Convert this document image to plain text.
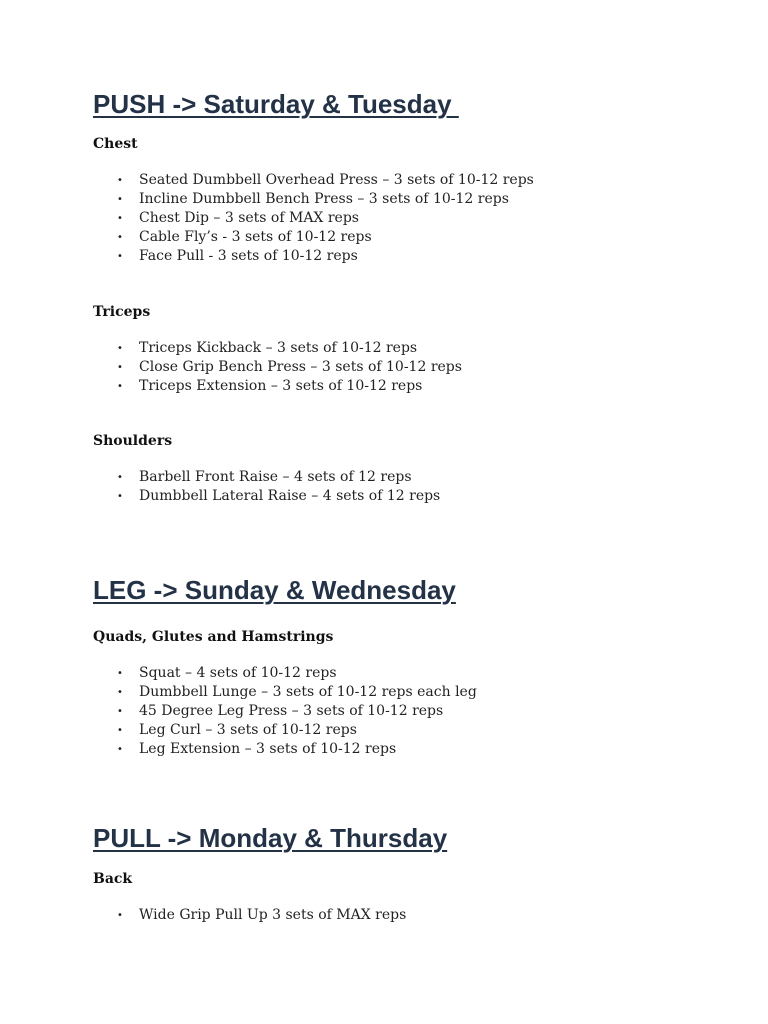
PUSH -> Saturday & Tuesday
Chest
• Seated Dumbbell Overhead Press – 3 sets of 10-12 reps
• Incline Dumbbell Bench Press – 3 sets of 10-12 reps
• Chest Dip – 3 sets of MAX reps
• Cable Fly’s - 3 sets of 10-12 reps
• Face Pull - 3 sets of 10-12 reps
Triceps
• Triceps Kickback – 3 sets of 10-12 reps
• Close Grip Bench Press – 3 sets of 10-12 reps
• Triceps Extension – 3 sets of 10-12 reps
Shoulders
• Barbell Front Raise – 4 sets of 12 reps
• Dumbbell Lateral Raise – 4 sets of 12 reps
LEG -> Sunday & Wednesday
Quads, Glutes and Hamstrings
• Squat – 4 sets of 10-12 reps
• Dumbbell Lunge – 3 sets of 10-12 reps each leg
• 45 Degree Leg Press – 3 sets of 10-12 reps
• Leg Curl – 3 sets of 10-12 reps
• Leg Extension – 3 sets of 10-12 reps
PULL -> Monday & Thursday
Back
• Wide Grip Pull Up 3 sets of MAX reps
